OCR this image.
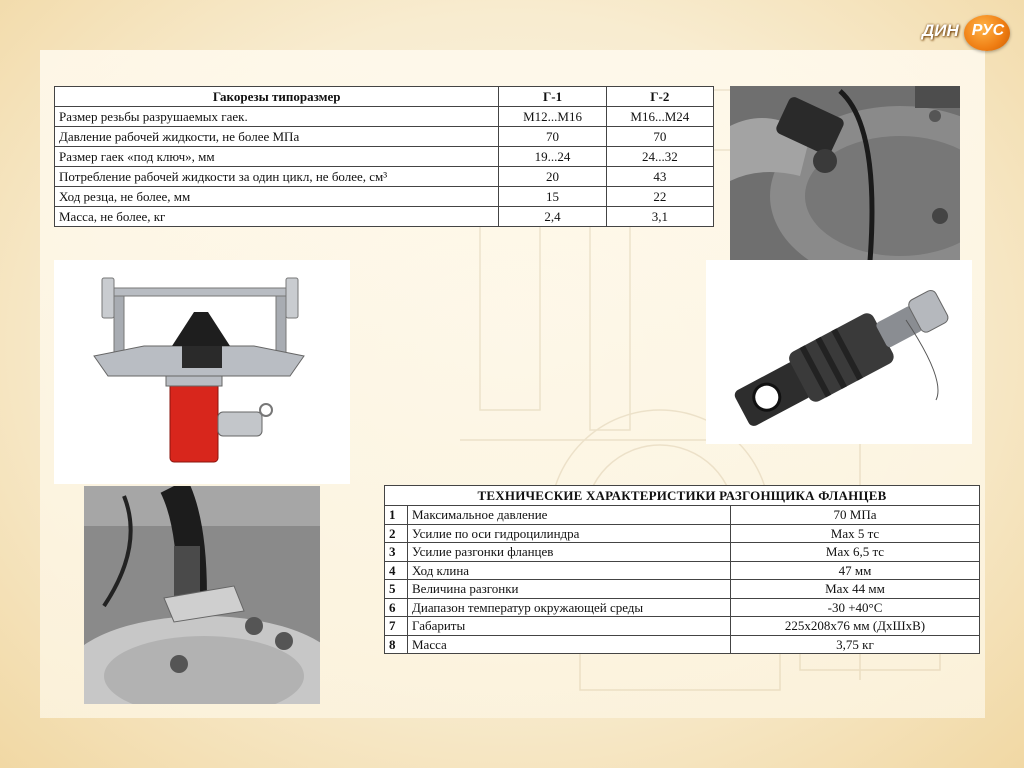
ДИН РУС
Гакорезы типоразмер	Г-1	Г-2
Размер резьбы разрушаемых гаек.	M12...M16	M16...M24
Давление рабочей жидкости, не более МПа	70	70
Размер гаек «под ключ», мм	19...24	24...32
Потребление рабочей жидкости за один цикл, не более, см³	20	43
Ход резца, не более, мм	15	22
Масса, не более, кг	2,4	3,1
ТЕХНИЧЕСКИЕ ХАРАКТЕРИСТИКИ РАЗГОНЩИКА ФЛАНЦЕВ		
1	Максимальное давление	70 МПа
2	Усилие по оси гидроцилиндра	Мах 5 тс
3	Усилие разгонки фланцев	Мах 6,5 тс
4	Ход клина	47 мм
5	Величина разгонки	Мах 44 мм
6	Диапазон температур окружающей среды	-30 +40°С
7	Габариты	225х208х76 мм (ДхШхВ)
8	Масса	3,75 кг
